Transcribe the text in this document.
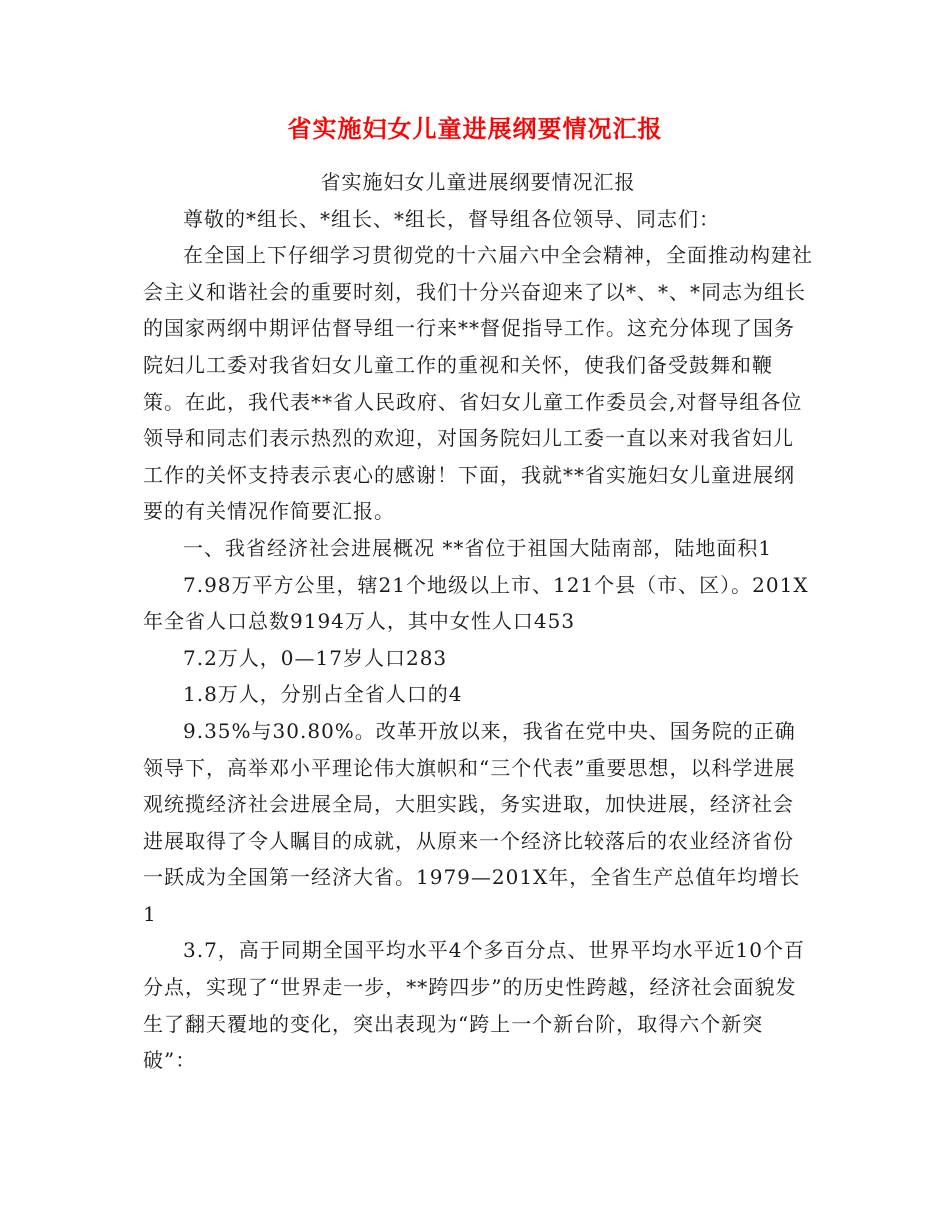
省实施妇女儿童进展纲要情况汇报

省实施妇女儿童进展纲要情况汇报

尊敬的*组长、*组长、*组长，督导组各位领导、同志们：

在全国上下仔细学习贯彻党的十六届六中全会精神，全面推动构建社会主义和谐社会的重要时刻，我们十分兴奋迎来了以*、*、*同志为组长的国家两纲中期评估督导组一行来**督促指导工作。这充分体现了国务院妇儿工委对我省妇女儿童工作的重视和关怀，使我们备受鼓舞和鞭策。在此，我代表**省人民政府、省妇女儿童工作委员会,对督导组各位领导和同志们表示热烈的欢迎，对国务院妇儿工委一直以来对我省妇儿工作的关怀支持表示衷心的感谢！下面，我就**省实施妇女儿童进展纲要的有关情况作简要汇报。

一、我省经济社会进展概况 **省位于祖国大陆南部，陆地面积1

7.98万平方公里，辖21个地级以上市、121个县（市、区）。201X年全省人口总数9194万人，其中女性人口453

7.2万人，0—17岁人口283

1.8万人，分别占全省人口的4

9.35%与30.80%。改革开放以来，我省在党中央、国务院的正确领导下，高举邓小平理论伟大旗帜和“三个代表”重要思想，以科学进展观统揽经济社会进展全局，大胆实践，务实进取，加快进展，经济社会进展取得了令人瞩目的成就，从原来一个经济比较落后的农业经济省份一跃成为全国第一经济大省。1979—201X年，全省生产总值年均增长1

3.7，高于同期全国平均水平4个多百分点、世界平均水平近10个百分点，实现了“世界走一步，**跨四步”的历史性跨越，经济社会面貌发生了翻天覆地的变化，突出表现为“跨上一个新台阶，取得六个新突破”：
